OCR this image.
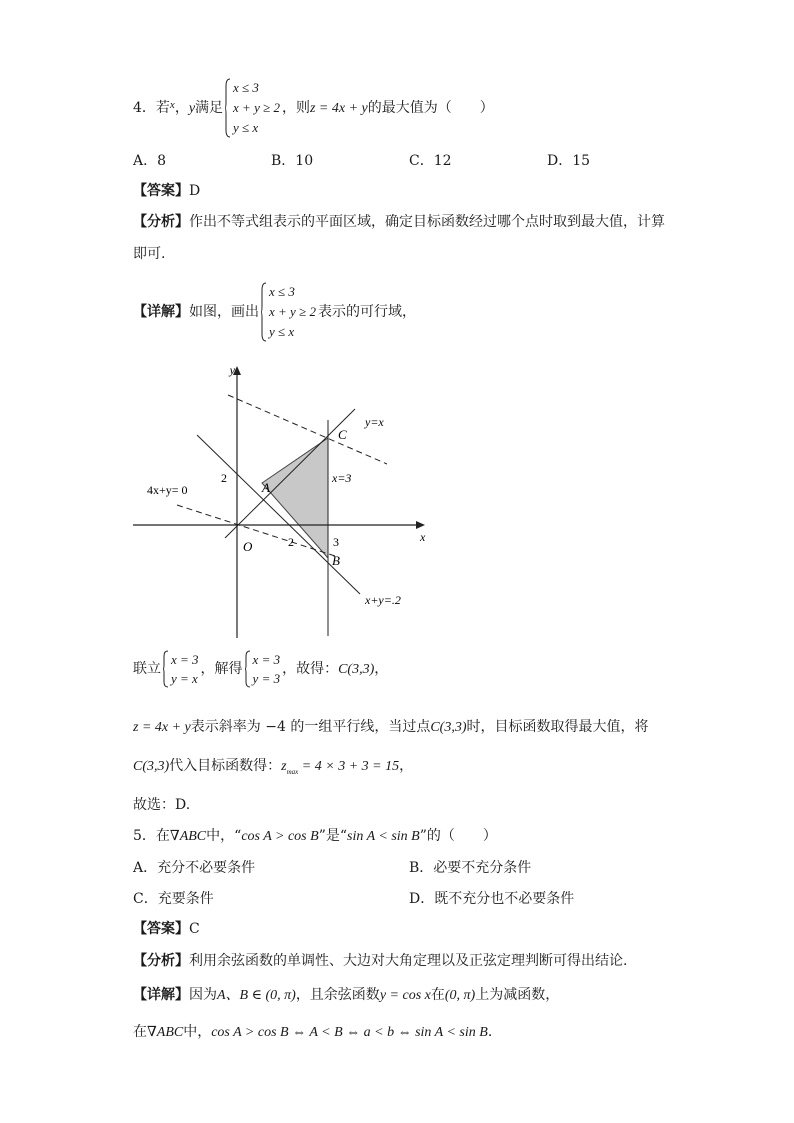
4．若$^x$，y满足
x ≤ 3
x + y ≥ 2
y ≤ x
，则z = 4x + y的最大值为（　　）
A．8	B．10	C．12	D．15
【答案】D
【分析】作出不等式组表示的平面区域，确定目标函数经过哪个点时取到最大值，计算
即可.
【详解】如图，画出
x ≤ 3
x + y ≥ 2
y ≤ x
表示的可行域，
y
x
O
y=x
x=3
4x+y= 0
x+y=.2
A
B
C
2
2	3
联立
x = 3
y = x
，解得
x = 3
y = 3
，故得：C(3,3)，
z = 4x + y表示斜率为 −4 的一组平行线，当过点C(3,3)时，目标函数取得最大值，将
C(3,3)代入目标函数得：$z_{max} = 4 \times 3 + 3 = 15$，
故选：D.
5．在∇ABC中，“cos A > cos B”是“sin A < sin B”的（　　）
A．充分不必要条件	B．必要不充分条件
C．充要条件	D．既不充分也不必要条件
【答案】C
【分析】利用余弦函数的单调性、大边对大角定理以及正弦定理判断可得出结论.
【详解】因为A、B ∈ (0, π)，且余弦函数y = cos x在(0, π)上为减函数，
在∇ABC中，cos A > cos B ⇔ A < B ⇔ a < b ⇔ sin A < sin B.
